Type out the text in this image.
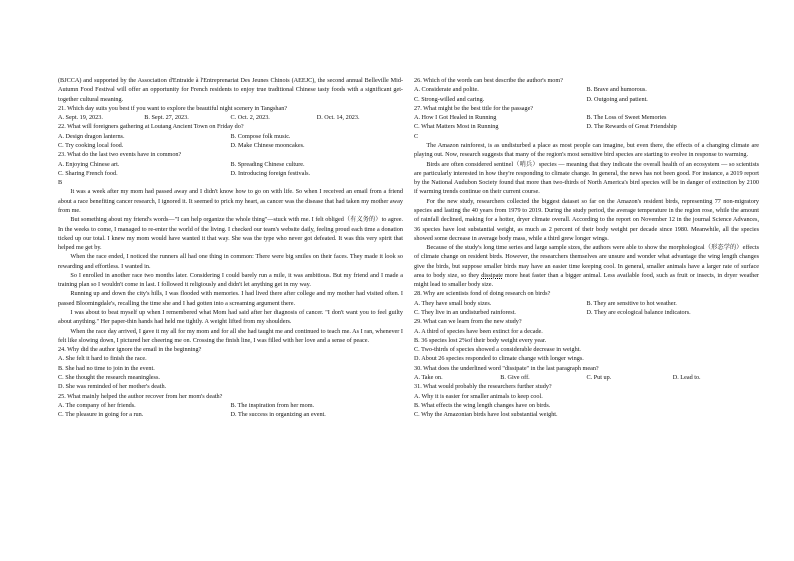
(BJCCA) and supported by the Association d'Entraide à l'Entreprenariat Des Jeunes Chinois (AEEJC), the second annual Belleville Mid-Autumn Food Festival will offer an opportunity for French residents to enjoy true traditional Chinese tasty foods with a significant get-together cultural meaning.

21. Which day suits you best if you want to explore the beautiful night scenery in Tangshan?

A. Sept. 19, 2023.	B. Sept. 27, 2023.	C. Oct. 2, 2023.	D. Oct. 14, 2023.

22. What will foreigners gathering at Loutang Ancient Town on Friday do?

A. Design dragon lanterns.	B. Compose folk music.
C. Try cooking local food.	D. Make Chinese mooncakes.

23. What do the last two events have in common?

A. Enjoying Chinese art.	B. Spreading Chinese culture.
C. Sharing French food.	D. Introducing foreign festivals.

B

It was a week after my mom had passed away and I didn't know how to go on with life. So when I received an email from a friend about a race benefiting cancer research, I ignored it. It seemed to prick my heart, as cancer was the disease that had taken my mother away from me.

But something about my friend's words—"I can help organize the whole thing"—stuck with me. I felt obliged（有义务的）to agree. In the weeks to come, I managed to re-enter the world of the living. I checked our team's website daily, feeling proud each time a donation ticked up our total. I knew my mom would have wanted it that way. She was the type who never got defeated. It was this very spirit that helped me get by.

When the race ended, I noticed the runners all had one thing in common: There were big smiles on their faces. They made it look so rewarding and effortless. I wanted in.

So I enrolled in another race two months later. Considering I could barely run a mile, it was ambitious. But my friend and I made a training plan so I wouldn't come in last. I followed it religiously and didn't let anything get in my way.

Running up and down the city's hills, I was flooded with memories. I had lived there after college and my mother had visited often. I passed Bloomingdale's, recalling the time she and I had gotten into a screaming argument there.

I was about to beat myself up when I remembered what Mom had said after her diagnosis of cancer. "I don't want you to feel guilty about anything." Her paper-thin hands had held me tightly. A weight lifted from my shoulders.

When the race day arrived, I gave it my all for my mom and for all she had taught me and continued to teach me. As I ran, whenever I felt like slowing down, I pictured her cheering me on. Crossing the finish line, I was filled with her love and a sense of peace.

24. Why did the author ignore the email in the beginning?

A. She felt it hard to finish the race.

B. She had no time to join in the event.

C. She thought the research meaningless.

D. She was reminded of her mother's death.

25. What mainly helped the author recover from her mom's death?

A. The company of her friends.	B. The inspiration from her mom.
C. The pleasure in going for a run.	D. The success in organizing an event.

26. Which of the words can best describe the author's mom?

A. Considerate and polite.	B. Brave and humorous.
C. Strong-willed and caring.	D. Outgoing and patient.

27. What might be the best title for the passage?

A. How I Got Healed in Running	B. The Loss of Sweet Memories
C. What Matters Most in Running	D. The Rewards of Great Friendship

C

The Amazon rainforest, is as undisturbed a place as most people can imagine, but even there, the effects of a changing climate are playing out. Now, research suggests that many of the region's most sensitive bird species are starting to evolve in response to warming.

Birds are often considered sentinel（哨兵）species — meaning that they indicate the overall health of an ecosystem — so scientists are particularly interested in how they're responding to climate change. In general, the news has not been good. For instance, a 2019 report by the National Audubon Society found that more than two-thirds of North America's bird species will be in danger of extinction by 2100 if warming trends continue on their current course.

For the new study, researchers collected the biggest dataset so far on the Amazon's resident birds, representing 77 non-migratory species and lasting the 40 years from 1979 to 2019. During the study period, the average temperature in the region rose, while the amount of rainfall declined, making for a hotter, dryer climate overall. According to the report on November 12 in the journal Science Advances, 36 species have lost substantial weight, as much as 2 percent of their body weight per decade since 1980. Meanwhile, all the species showed some decrease in average body mass, while a third grew longer wings.

Because of the study's long time series and large sample sizes, the authors were able to show the morphological（形态学的）effects of climate change on resident birds. However, the researchers themselves are unsure and wonder what advantage the wing length changes give the birds, but suppose smaller birds may have an easier time keeping cool. In general, smaller animals have a larger rate of surface area to body size, so they dissipate more heat faster than a bigger animal. Less available food, such as fruit or insects, in dryer weather might lead to smaller body size.

28. Why are scientists fond of doing research on birds?

A. They have small body sizes.	B. They are sensitive to hot weather.
C. They live in an undisturbed rainforest.	D. They are ecological balance indicators.

29. What can we learn from the new study?

A. A third of species have been extinct for a decade.

B. 36 species lost 2%of their body weight every year.

C. Two-thirds of species showed a considerable decrease in weight.

D. About 26 species responded to climate change with longer wings.

30. What does the underlined word "dissipate" in the last paragraph mean?

A. Take on.	B. Give off.	C. Put up.	D. Lead to.

31. What would probably the researchers further study?

A. Why it is easier for smaller animals to keep cool.

B. What effects the wing length changes have on birds.

C. Why the Amazonian birds have lost substantial weight.
